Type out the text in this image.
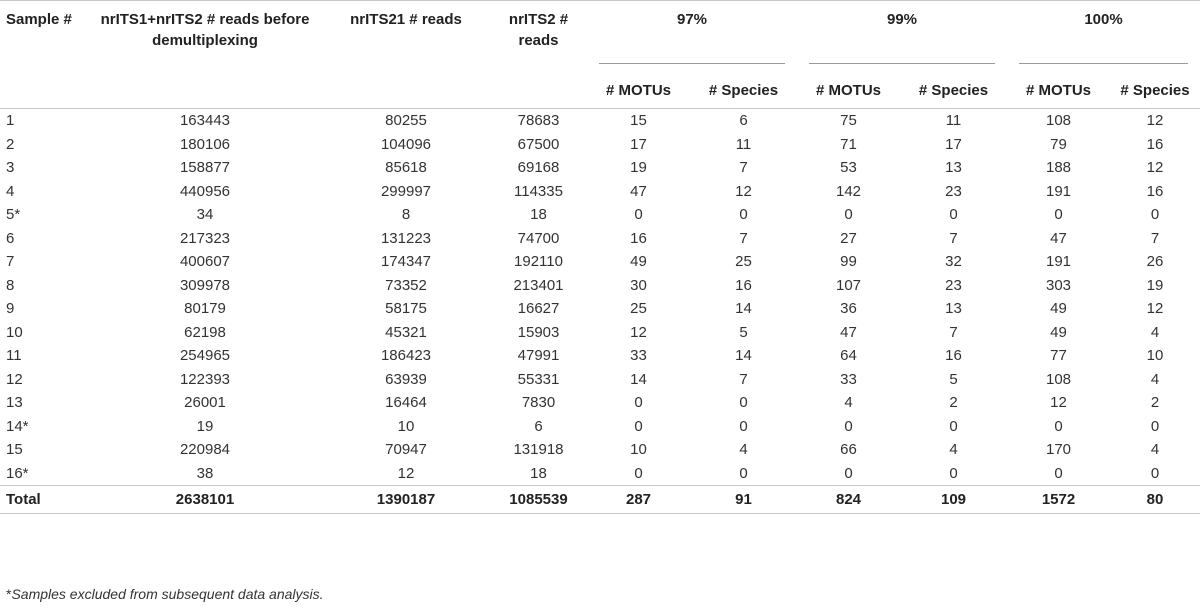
Sample #	nrITS1+nrITS2 # reads before demultiplexing	nrITS21 # reads	nrITS2 # reads	97%		99%		100%	

				# MOTUs	# Species	# MOTUs	# Species	# MOTUs	# Species

1	163443	80255	78683	15	6	75	11	108	12
2	180106	104096	67500	17	11	71	17	79	16
3	158877	85618	69168	19	7	53	13	188	12
4	440956	299997	114335	47	12	142	23	191	16
5*	34	8	18	0	0	0	0	0	0
6	217323	131223	74700	16	7	27	7	47	7
7	400607	174347	192110	49	25	99	32	191	26
8	309978	73352	213401	30	16	107	23	303	19
9	80179	58175	16627	25	14	36	13	49	12
10	62198	45321	15903	12	5	47	7	49	4
11	254965	186423	47991	33	14	64	16	77	10
12	122393	63939	55331	14	7	33	5	108	4
13	26001	16464	7830	0	0	4	2	12	2
14*	19	10	6	0	0	0	0	0	0
15	220984	70947	131918	10	4	66	4	170	4
16*	38	12	18	0	0	0	0	0	0
Total	2638101	1390187	1085539	287	91	824	109	1572	80
*Samples excluded from subsequent data analysis.
